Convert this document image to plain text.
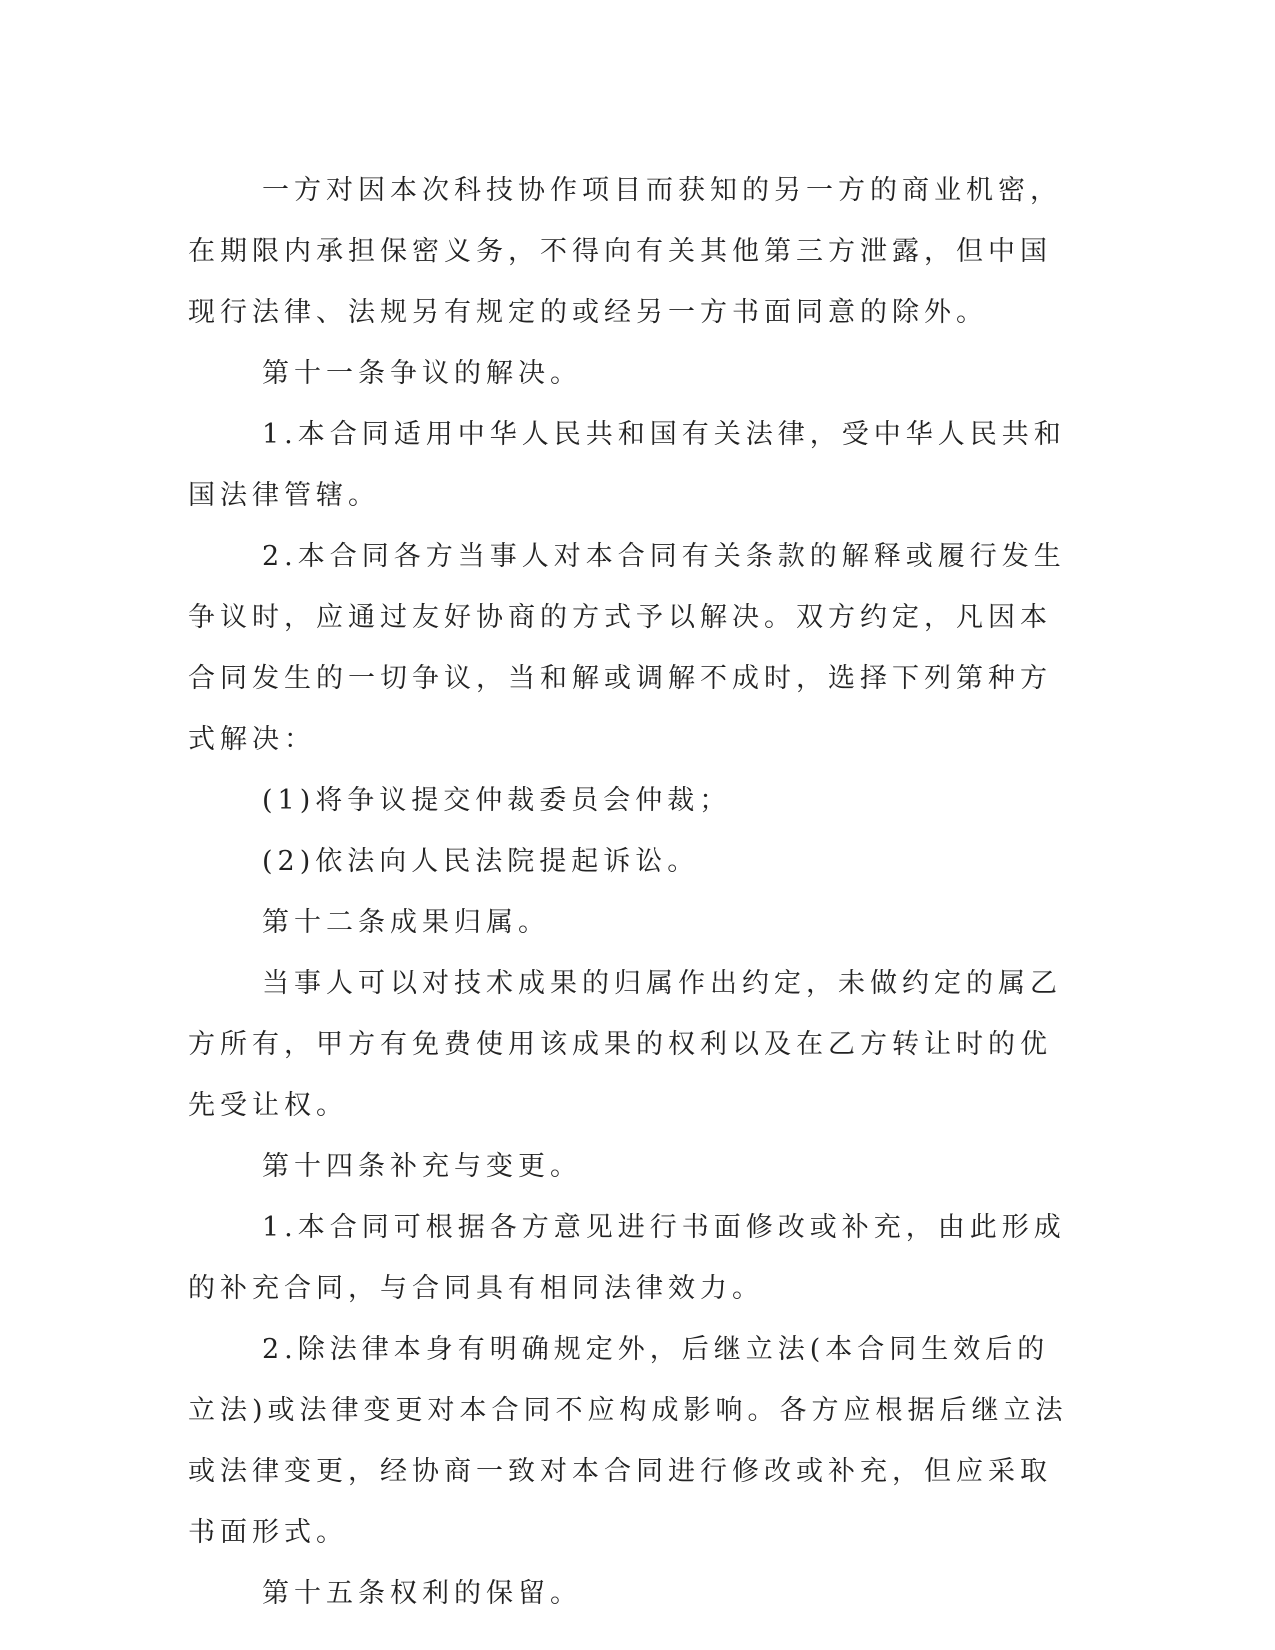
一方对因本次科技协作项目而获知的另一方的商业机密，在期限内承担保密义务，不得向有关其他第三方泄露，但中国现行法律、法规另有规定的或经另一方书面同意的除外。

第十一条争议的解决。

1.本合同适用中华人民共和国有关法律，受中华人民共和国法律管辖。

2.本合同各方当事人对本合同有关条款的解释或履行发生争议时，应通过友好协商的方式予以解决。双方约定，凡因本合同发生的一切争议，当和解或调解不成时，选择下列第种方式解决：

(1)将争议提交仲裁委员会仲裁；

(2)依法向人民法院提起诉讼。

第十二条成果归属。

当事人可以对技术成果的归属作出约定，未做约定的属乙方所有，甲方有免费使用该成果的权利以及在乙方转让时的优先受让权。

第十四条补充与变更。

1.本合同可根据各方意见进行书面修改或补充，由此形成的补充合同，与合同具有相同法律效力。

2.除法律本身有明确规定外，后继立法(本合同生效后的立法)或法律变更对本合同不应构成影响。各方应根据后继立法或法律变更，经协商一致对本合同进行修改或补充，但应采取书面形式。

第十五条权利的保留。
